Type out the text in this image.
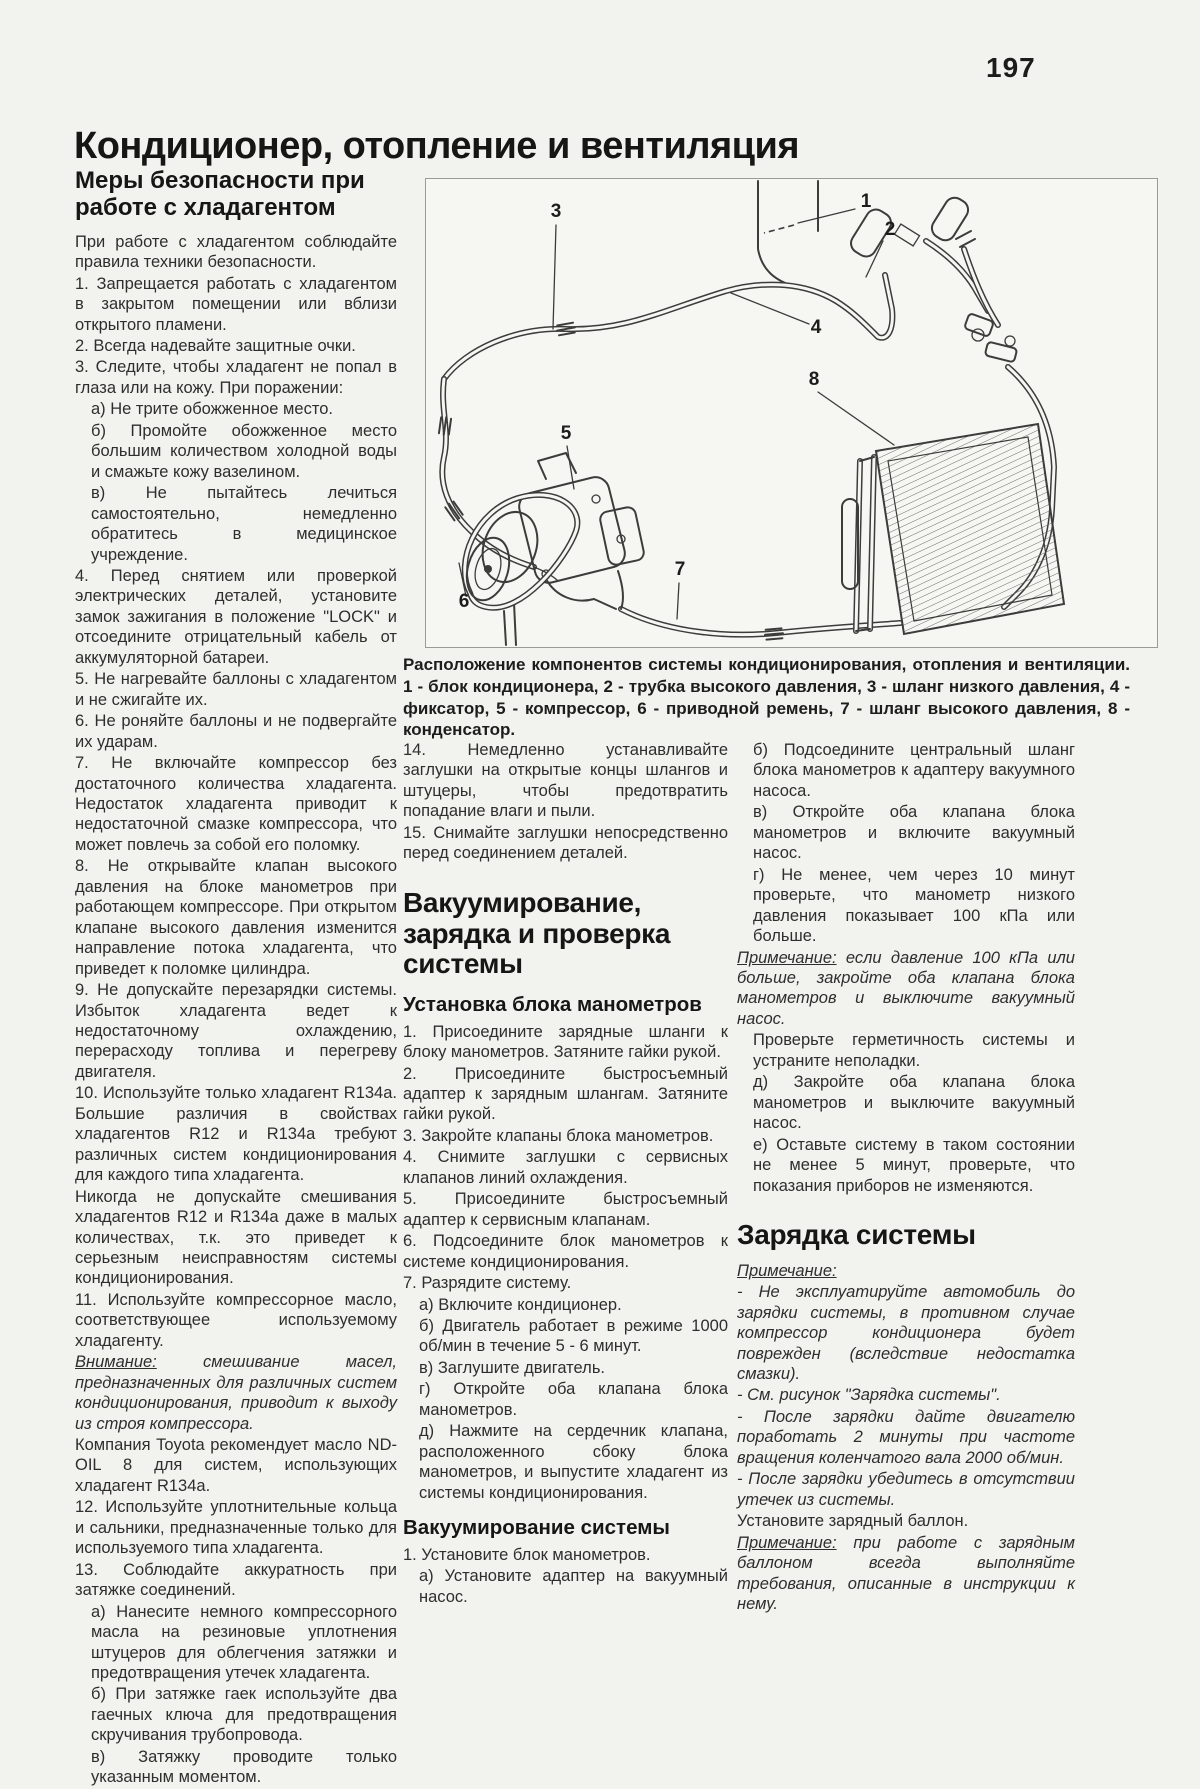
197
Кондиционер, отопление и вентиляция
Меры безопасности при работе с хладагентом

При работе с хладагентом соблюдайте правила техники безопасности.

1. Запрещается работать с хладагентом в закрытом помещении или вблизи открытого пламени.

2. Всегда надевайте защитные очки.

3. Следите, чтобы хладагент не попал в глаза или на кожу. При поражении:

а) Не трите обожженное место.

б) Промойте обожженное место большим количеством холодной воды и смажьте кожу вазелином.

в) Не пытайтесь лечиться самостоятельно, немедленно обратитесь в медицинское учреждение.

4. Перед снятием или проверкой электрических деталей, установите замок зажигания в положение "LOCK" и отсоедините отрицательный кабель от аккумуляторной батареи.

5. Не нагревайте баллоны с хладагентом и не сжигайте их.

6. Не роняйте баллоны и не подвергайте их ударам.

7. Не включайте компрессор без достаточного количества хладагента. Недостаток хладагента приводит к недостаточной смазке компрессора, что может повлечь за собой его поломку.

8. Не открывайте клапан высокого давления на блоке манометров при работающем компрессоре. При открытом клапане высокого давления изменится направление потока хладагента, что приведет к поломке цилиндра.

9. Не допускайте перезарядки системы. Избыток хладагента ведет к недостаточному охлаждению, перерасходу топлива и перегреву двигателя.

10. Используйте только хладагент R134a. Большие различия в свойствах хладагентов R12 и R134a требуют различных систем кондиционирования для каждого типа хладагента.

Никогда не допускайте смешивания хладагентов R12 и R134a даже в малых количествах, т.к. это приведет к серьезным неисправностям системы кондиционирования.

11. Используйте компрессорное масло, соответствующее используемому хладагенту.

Внимание: смешивание масел, предназначенных для различных систем кондиционирования, приводит к выходу из строя компрессора.

Компания Toyota рекомендует масло ND-OIL 8 для систем, использующих хладагент R134a.

12. Используйте уплотнительные кольца и сальники, предназначенные только для используемого типа хладагента.

13. Соблюдайте аккуратность при затяжке соединений.

а) Нанесите немного компрессорного масла на резиновые уплотнения штуцеров для облегчения затяжки и предотвращения утечек хладагента.

б) При затяжке гаек используйте два гаечных ключа для предотвращения скручивания трубопровода.

в) Затяжку проводите только указанным моментом.

3	1
2
4
8
5
6
7
Расположение компонентов системы кондиционирования, отопления и вентиляции. 1 - блок кондиционера, 2 - трубка высокого давления, 3 - шланг низкого давления, 4 - фиксатор, 5 - компрессор, 6 - приводной ремень, 7 - шланг высокого давления, 8 - конденсатор.

14. Немедленно устанавливайте заглушки на открытые концы шлангов и штуцеры, чтобы предотвратить попадание влаги и пыли.

15. Снимайте заглушки непосредственно перед соединением деталей.

Вакуумирование, зарядка и проверка системы

Установка блока манометров

1. Присоедините зарядные шланги к блоку манометров. Затяните гайки рукой.

2. Присоедините быстросъемный адаптер к зарядным шлангам. Затяните гайки рукой.

3. Закройте клапаны блока манометров.

4. Снимите заглушки с сервисных клапанов линий охлаждения.

5. Присоедините быстросъемный адаптер к сервисным клапанам.

6. Подсоедините блок манометров к системе кондиционирования.

7. Разрядите систему.

а) Включите кондиционер.

б) Двигатель работает в режиме 1000 об/мин в течение 5 - 6 минут.

в) Заглушите двигатель.

г) Откройте оба клапана блока манометров.

д) Нажмите на сердечник клапана, расположенного сбоку блока манометров, и выпустите хладагент из системы кондиционирования.

Вакуумирование системы

1. Установите блок манометров.

а) Установите адаптер на вакуумный насос.

б) Подсоедините центральный шланг блока манометров к адаптеру вакуумного насоса.

в) Откройте оба клапана блока манометров и включите вакуумный насос.

г) Не менее, чем через 10 минут проверьте, что манометр низкого давления показывает 100 кПа или больше.

Примечание: если давление 100 кПа или больше, закройте оба клапана блока манометров и выключите вакуумный насос.

Проверьте герметичность системы и устраните неполадки.

д) Закройте оба клапана блока манометров и выключите вакуумный насос.

е) Оставьте систему в таком состоянии не менее 5 минут, проверьте, что показания приборов не изменяются.

Зарядка системы

Примечание:

- Не эксплуатируйте автомобиль до зарядки системы, в противном случае компрессор кондиционера будет поврежден (вследствие недостатка смазки).

- См. рисунок "Зарядка системы".

- После зарядки дайте двигателю поработать 2 минуты при частоте вращения коленчатого вала 2000 об/мин.

- После зарядки убедитесь в отсутствии утечек из системы.

Установите зарядный баллон.

Примечание: при работе с зарядным баллоном всегда выполняйте требования, описанные в инструкции к нему.
